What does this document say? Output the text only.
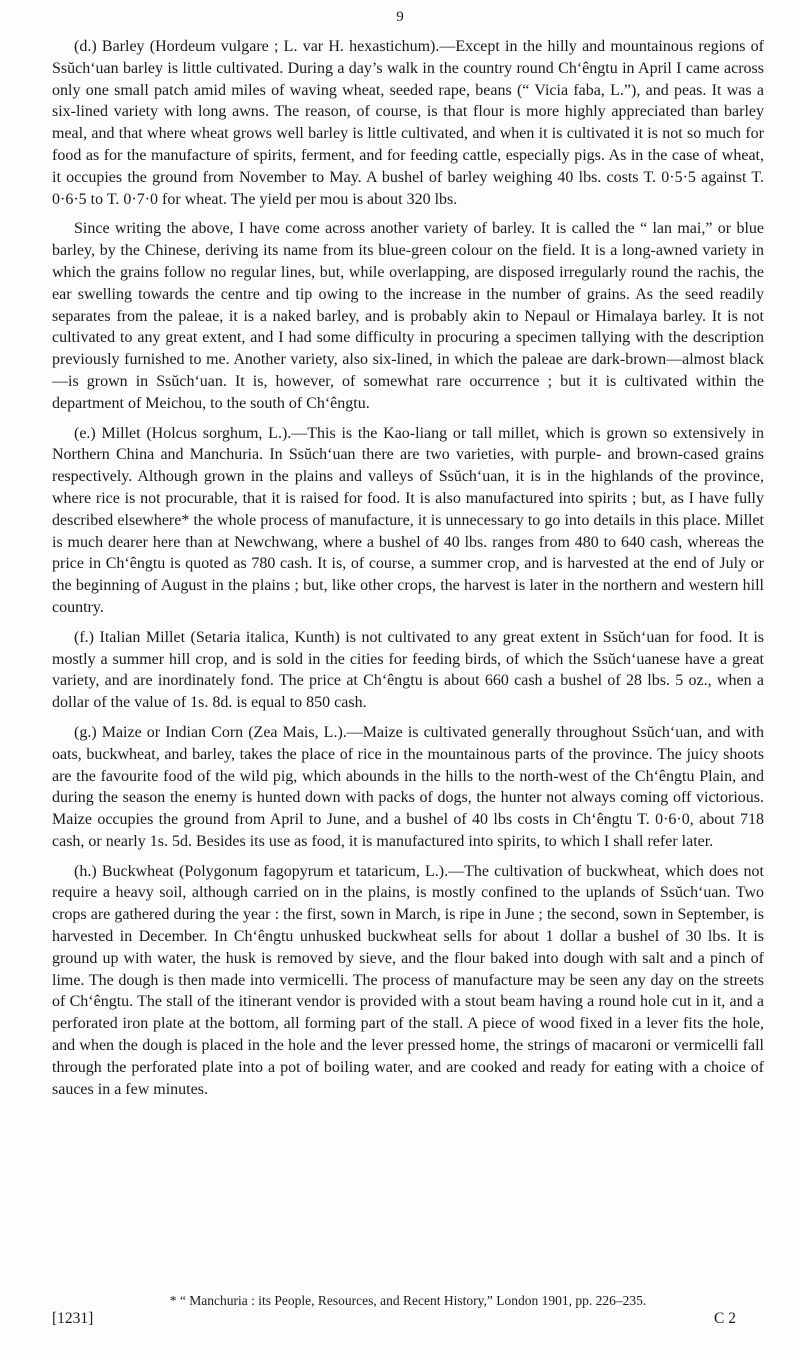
9

(d.) Barley (Hordeum vulgare ; L. var H. hexastichum).—Except in the hilly and mountainous regions of Ssŭch‘uan barley is little cultivated. During a day’s walk in the country round Ch‘êngtu in April I came across only one small patch amid miles of waving wheat, seeded rape, beans (“ Vicia faba, L.”), and peas. It was a six-lined variety with long awns. The reason, of course, is that flour is more highly appreciated than barley meal, and that where wheat grows well barley is little cultivated, and when it is cultivated it is not so much for food as for the manufacture of spirits, ferment, and for feeding cattle, especially pigs. As in the case of wheat, it occupies the ground from November to May. A bushel of barley weighing 40 lbs. costs T. 0·5·5 against T. 0·6·5 to T. 0·7·0 for wheat. The yield per mou is about 320 lbs.

Since writing the above, I have come across another variety of barley. It is called the “ lan mai,” or blue barley, by the Chinese, deriving its name from its blue-green colour on the field. It is a long-awned variety in which the grains follow no regular lines, but, while overlapping, are disposed irregularly round the rachis, the ear swelling towards the centre and tip owing to the increase in the number of grains. As the seed readily separates from the paleae, it is a naked barley, and is probably akin to Nepaul or Himalaya barley. It is not cultivated to any great extent, and I had some difficulty in procuring a specimen tallying with the description previously furnished to me. Another variety, also six-lined, in which the paleae are dark-brown—almost black—is grown in Ssŭch‘uan. It is, however, of somewhat rare occurrence ; but it is cultivated within the department of Meichou, to the south of Ch‘êngtu.

(e.) Millet (Holcus sorghum, L.).—This is the Kao-liang or tall millet, which is grown so extensively in Northern China and Manchuria. In Ssŭch‘uan there are two varieties, with purple- and brown-cased grains respectively. Although grown in the plains and valleys of Ssŭch‘uan, it is in the highlands of the province, where rice is not procurable, that it is raised for food. It is also manufactured into spirits ; but, as I have fully described elsewhere* the whole process of manufacture, it is unnecessary to go into details in this place. Millet is much dearer here than at Newchwang, where a bushel of 40 lbs. ranges from 480 to 640 cash, whereas the price in Ch‘êngtu is quoted as 780 cash. It is, of course, a summer crop, and is harvested at the end of July or the beginning of August in the plains ; but, like other crops, the harvest is later in the northern and western hill country.

(f.) Italian Millet (Setaria italica, Kunth) is not cultivated to any great extent in Ssŭch‘uan for food. It is mostly a summer hill crop, and is sold in the cities for feeding birds, of which the Ssŭch‘uanese have a great variety, and are inordinately fond. The price at Ch‘êngtu is about 660 cash a bushel of 28 lbs. 5 oz., when a dollar of the value of 1s. 8d. is equal to 850 cash.

(g.) Maize or Indian Corn (Zea Mais, L.).—Maize is cultivated generally throughout Ssŭch‘uan, and with oats, buckwheat, and barley, takes the place of rice in the mountainous parts of the province. The juicy shoots are the favourite food of the wild pig, which abounds in the hills to the north-west of the Ch‘êngtu Plain, and during the season the enemy is hunted down with packs of dogs, the hunter not always coming off victorious. Maize occupies the ground from April to June, and a bushel of 40 lbs costs in Ch‘êngtu T. 0·6·0, about 718 cash, or nearly 1s. 5d. Besides its use as food, it is manufactured into spirits, to which I shall refer later.

(h.) Buckwheat (Polygonum fagopyrum et tataricum, L.).—The cultivation of buckwheat, which does not require a heavy soil, although carried on in the plains, is mostly confined to the uplands of Ssŭch‘uan. Two crops are gathered during the year : the first, sown in March, is ripe in June ; the second, sown in September, is harvested in December. In Ch‘êngtu unhusked buckwheat sells for about 1 dollar a bushel of 30 lbs. It is ground up with water, the husk is removed by sieve, and the flour baked into dough with salt and a pinch of lime. The dough is then made into vermicelli. The process of manufacture may be seen any day on the streets of Ch‘êngtu. The stall of the itinerant vendor is provided with a stout beam having a round hole cut in it, and a perforated iron plate at the bottom, all forming part of the stall. A piece of wood fixed in a lever fits the hole, and when the dough is placed in the hole and the lever pressed home, the strings of macaroni or vermicelli fall through the perforated plate into a pot of boiling water, and are cooked and ready for eating with a choice of sauces in a few minutes.

* “ Manchuria : its People, Resources, and Recent History,” London 1901, pp. 226–235.
[1231]	C 2
